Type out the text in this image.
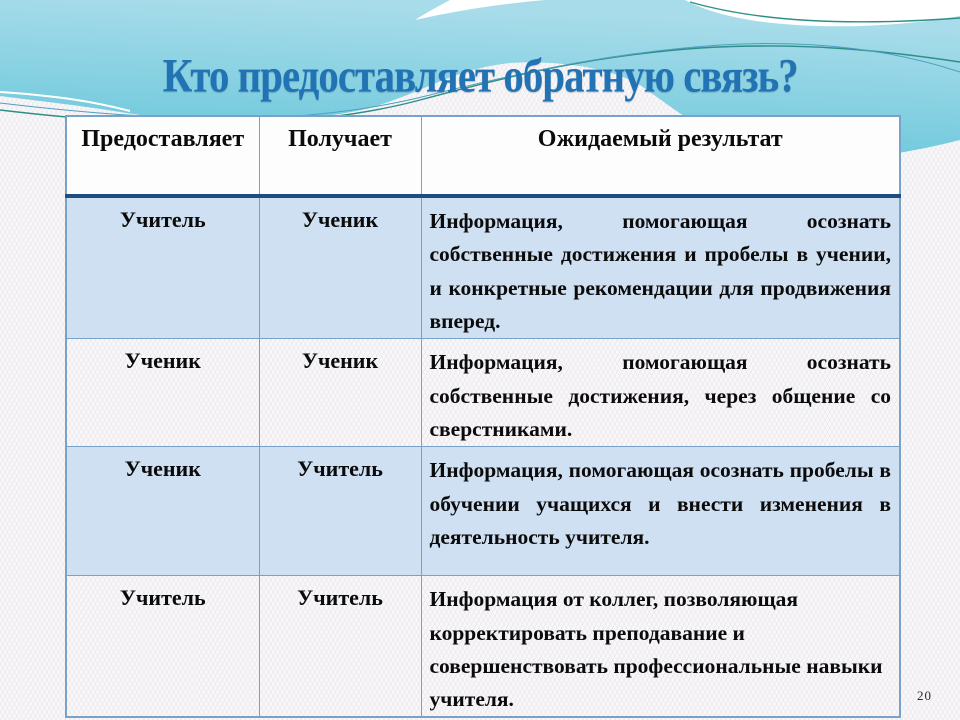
Кто предоставляет обратную связь?
Предоставляет	Получает	Ожидаемый результат
Учитель	Ученик	Информация, помогающая осознать собственные достижения и пробелы в учении, и конкретные рекомендации для продвижения вперед.
Ученик	Ученик	Информация, помогающая осознать собственные достижения, через общение со сверстниками.
Ученик	Учитель	Информация, помогающая осознать пробелы в обучении учащихся и внести изменения в деятельность учителя.
Учитель	Учитель	Информация от коллег, позволяющая корректировать преподавание и совершенствовать профессиональные навыки учителя.	20
